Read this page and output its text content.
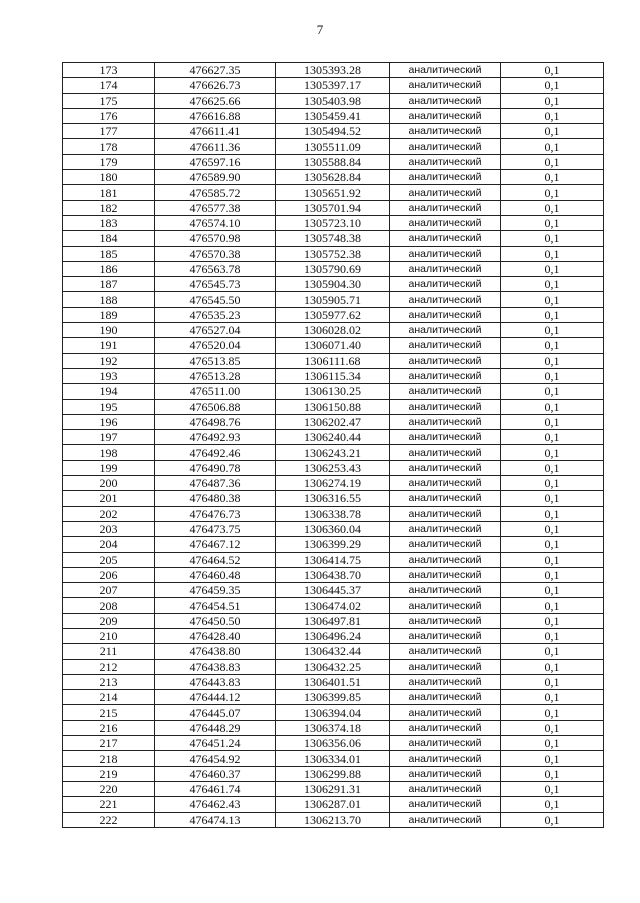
7
173	476627.35	1305393.28	аналитический	0,1
174	476626.73	1305397.17	аналитический	0,1
175	476625.66	1305403.98	аналитический	0,1
176	476616.88	1305459.41	аналитический	0,1
177	476611.41	1305494.52	аналитический	0,1
178	476611.36	1305511.09	аналитический	0,1
179	476597.16	1305588.84	аналитический	0,1
180	476589.90	1305628.84	аналитический	0,1
181	476585.72	1305651.92	аналитический	0,1
182	476577.38	1305701.94	аналитический	0,1
183	476574.10	1305723.10	аналитический	0,1
184	476570.98	1305748.38	аналитический	0,1
185	476570.38	1305752.38	аналитический	0,1
186	476563.78	1305790.69	аналитический	0,1
187	476545.73	1305904.30	аналитический	0,1
188	476545.50	1305905.71	аналитический	0,1
189	476535.23	1305977.62	аналитический	0,1
190	476527.04	1306028.02	аналитический	0,1
191	476520.04	1306071.40	аналитический	0,1
192	476513.85	1306111.68	аналитический	0,1
193	476513.28	1306115.34	аналитический	0,1
194	476511.00	1306130.25	аналитический	0,1
195	476506.88	1306150.88	аналитический	0,1
196	476498.76	1306202.47	аналитический	0,1
197	476492.93	1306240.44	аналитический	0,1
198	476492.46	1306243.21	аналитический	0,1
199	476490.78	1306253.43	аналитический	0,1
200	476487.36	1306274.19	аналитический	0,1
201	476480.38	1306316.55	аналитический	0,1
202	476476.73	1306338.78	аналитический	0,1
203	476473.75	1306360.04	аналитический	0,1
204	476467.12	1306399.29	аналитический	0,1
205	476464.52	1306414.75	аналитический	0,1
206	476460.48	1306438.70	аналитический	0,1
207	476459.35	1306445.37	аналитический	0,1
208	476454.51	1306474.02	аналитический	0,1
209	476450.50	1306497.81	аналитический	0,1
210	476428.40	1306496.24	аналитический	0,1
211	476438.80	1306432.44	аналитический	0,1
212	476438.83	1306432.25	аналитический	0,1
213	476443.83	1306401.51	аналитический	0,1
214	476444.12	1306399.85	аналитический	0,1
215	476445.07	1306394.04	аналитический	0,1
216	476448.29	1306374.18	аналитический	0,1
217	476451.24	1306356.06	аналитический	0,1
218	476454.92	1306334.01	аналитический	0,1
219	476460.37	1306299.88	аналитический	0,1
220	476461.74	1306291.31	аналитический	0,1
221	476462.43	1306287.01	аналитический	0,1
222	476474.13	1306213.70	аналитический	0,1
